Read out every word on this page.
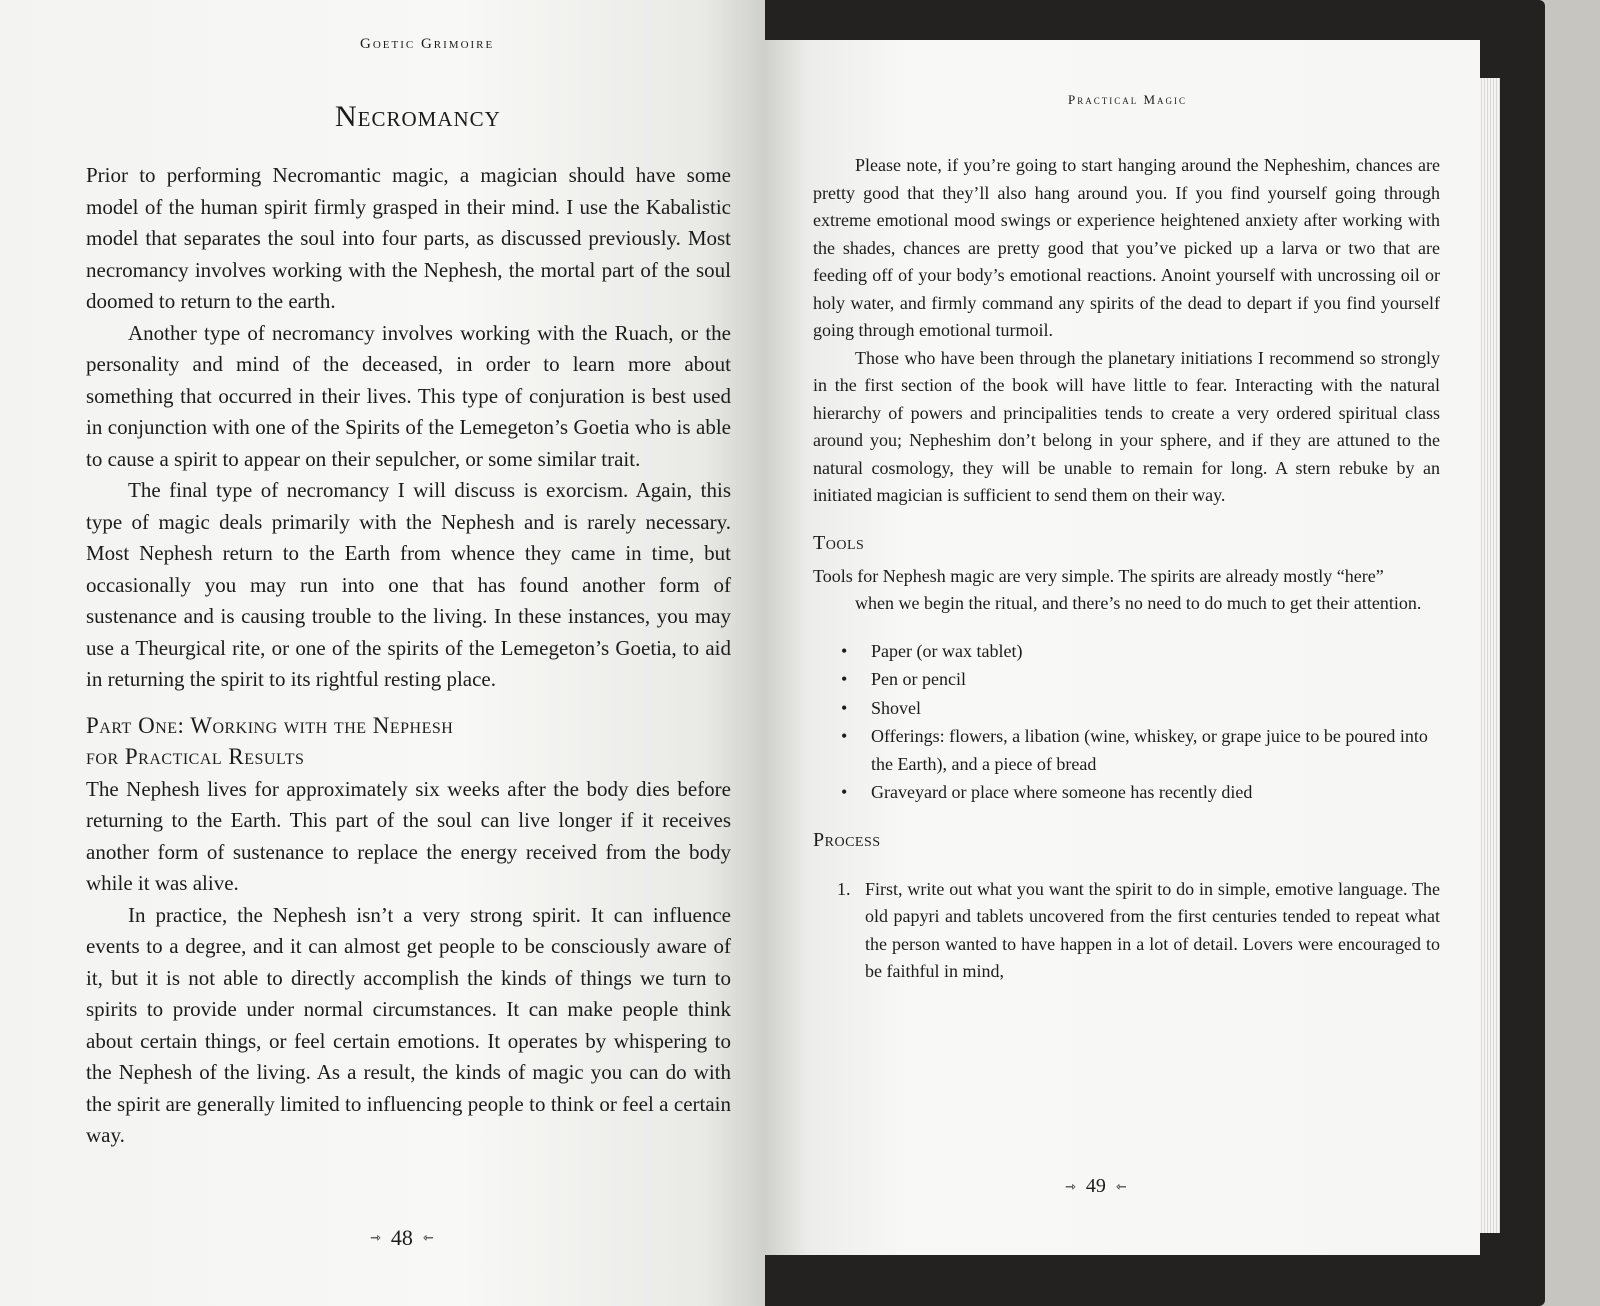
Goetic Grimoire
Necromancy

Prior to performing Necromantic magic, a magician should have some model of the human spirit firmly grasped in their mind. I use the Kabalistic model that separates the soul into four parts, as discussed previously. Most necromancy involves working with the Nephesh, the mortal part of the soul doomed to return to the earth.

Another type of necromancy involves working with the Ruach, or the personality and mind of the deceased, in order to learn more about something that occurred in their lives. This type of conjuration is best used in conjunction with one of the Spirits of the Lemegeton’s Goetia who is able to cause a spirit to appear on their sepulcher, or some similar trait.

The final type of necromancy I will discuss is exorcism. Again, this type of magic deals primarily with the Nephesh and is rarely necessary. Most Nephesh return to the Earth from whence they came in time, but occasionally you may run into one that has found another form of sustenance and is causing trouble to the living. In these instances, you may use a Theurgical rite, or one of the spirits of the Lemegeton’s Goetia, to aid in returning the spirit to its rightful resting place.

Part One: Working with the Nephesh
for Practical Results

The Nephesh lives for approximately six weeks after the body dies before returning to the Earth. This part of the soul can live longer if it receives another form of sustenance to replace the energy received from the body while it was alive.

In practice, the Nephesh isn’t a very strong spirit. It can influence events to a degree, and it can almost get people to be consciously aware of it, but it is not able to directly accomplish the kinds of things we turn to spirits to provide under normal circumstances. It can make people think about certain things, or feel certain emotions. It operates by whispering to the Nephesh of the living. As a result, the kinds of magic you can do with the spirit are generally limited to influencing people to think or feel a certain way.

⇾ 48 ⇽
Practical Magic

Please note, if you’re going to start hanging around the Nepheshim, chances are pretty good that they’ll also hang around you. If you find yourself going through extreme emotional mood swings or experience heightened anxiety after working with the shades, chances are pretty good that you’ve picked up a larva or two that are feeding off of your body’s emotional reactions. Anoint yourself with uncrossing oil or holy water, and firmly command any spirits of the dead to depart if you find yourself going through emotional turmoil.

Those who have been through the planetary initiations I recommend so strongly in the first section of the book will have little to fear. Interacting with the natural hierarchy of powers and principalities tends to create a very ordered spiritual class around you; Nepheshim don’t belong in your sphere, and if they are attuned to the natural cosmology, they will be unable to remain for long. A stern rebuke by an initiated magician is sufficient to send them on their way.

Tools

Tools for Nephesh magic are very simple. The spirits are already mostly “here”

when we begin the ritual, and there’s no need to do much to get their attention.

• Paper (or wax tablet)
• Pen or pencil
• Shovel
• Offerings: flowers, a libation (wine, whiskey, or grape juice to be poured into the Earth), and a piece of bread
• Graveyard or place where someone has recently died
Process
1. First, write out what you want the spirit to do in simple, emotive language. The old papyri and tablets uncovered from the first centuries tended to repeat what the person wanted to have happen in a lot of detail. Lovers were encouraged to be faithful in mind,
⇾ 49 ⇽
